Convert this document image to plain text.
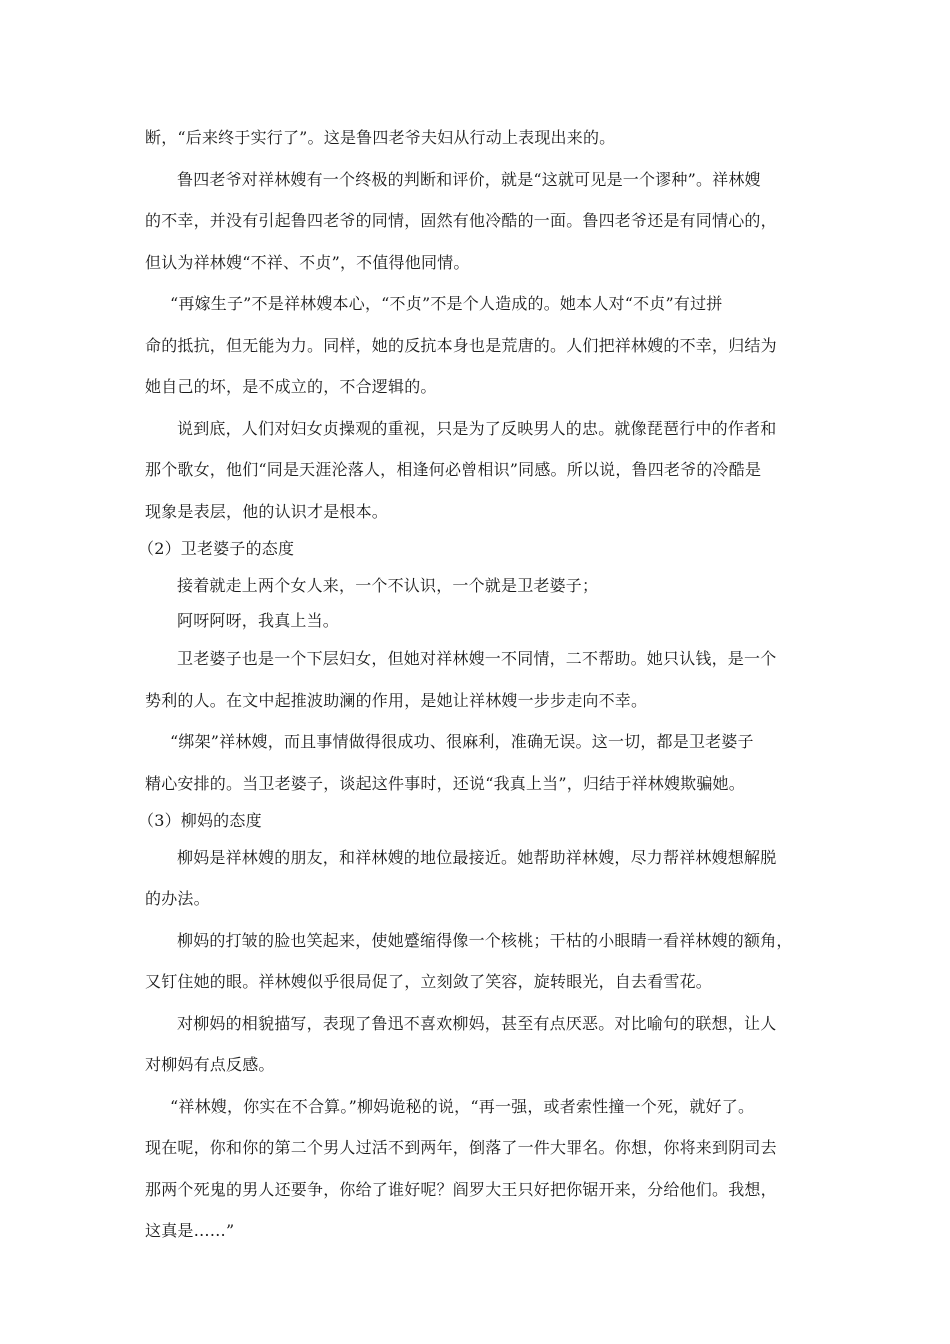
断，“后来终于实行了”。这是鲁四老爷夫妇从行动上表现出来的。
鲁四老爷对祥林嫂有一个终极的判断和评价，就是“这就可见是一个谬种”。祥林嫂
的不幸，并没有引起鲁四老爷的同情，固然有他冷酷的一面。鲁四老爷还是有同情心的，
但认为祥林嫂“不祥、不贞”，不值得他同情。
“再嫁生子”不是祥林嫂本心，“不贞”不是个人造成的。她本人对“不贞”有过拼
命的抵抗，但无能为力。同样，她的反抗本身也是荒唐的。人们把祥林嫂的不幸，归结为
她自己的坏，是不成立的，不合逻辑的。
说到底，人们对妇女贞操观的重视，只是为了反映男人的忠。就像琵琶行中的作者和
那个歌女，他们“同是天涯沦落人，相逢何必曾相识”同感。所以说，鲁四老爷的冷酷是
现象是表层，他的认识才是根本。
（2）卫老婆子的态度
接着就走上两个女人来，一个不认识，一个就是卫老婆子；
阿呀阿呀，我真上当。
卫老婆子也是一个下层妇女，但她对祥林嫂一不同情，二不帮助。她只认钱，是一个
势利的人。在文中起推波助澜的作用，是她让祥林嫂一步步走向不幸。
“绑架”祥林嫂，而且事情做得很成功、很麻利，准确无误。这一切，都是卫老婆子
精心安排的。当卫老婆子，谈起这件事时，还说“我真上当”，归结于祥林嫂欺骗她。
（3）柳妈的态度
柳妈是祥林嫂的朋友，和祥林嫂的地位最接近。她帮助祥林嫂，尽力帮祥林嫂想解脱
的办法。
柳妈的打皱的脸也笑起来，使她蹙缩得像一个核桃；干枯的小眼睛一看祥林嫂的额角，
又钉住她的眼。祥林嫂似乎很局促了，立刻敛了笑容，旋转眼光，自去看雪花。
对柳妈的相貌描写，表现了鲁迅不喜欢柳妈，甚至有点厌恶。对比喻句的联想，让人
对柳妈有点反感。
“祥林嫂，你实在不合算。”柳妈诡秘的说，“再一强，或者索性撞一个死，就好了。
现在呢，你和你的第二个男人过活不到两年，倒落了一件大罪名。你想，你将来到阴司去
那两个死鬼的男人还要争，你给了谁好呢？阎罗大王只好把你锯开来，分给他们。我想，
这真是……”
